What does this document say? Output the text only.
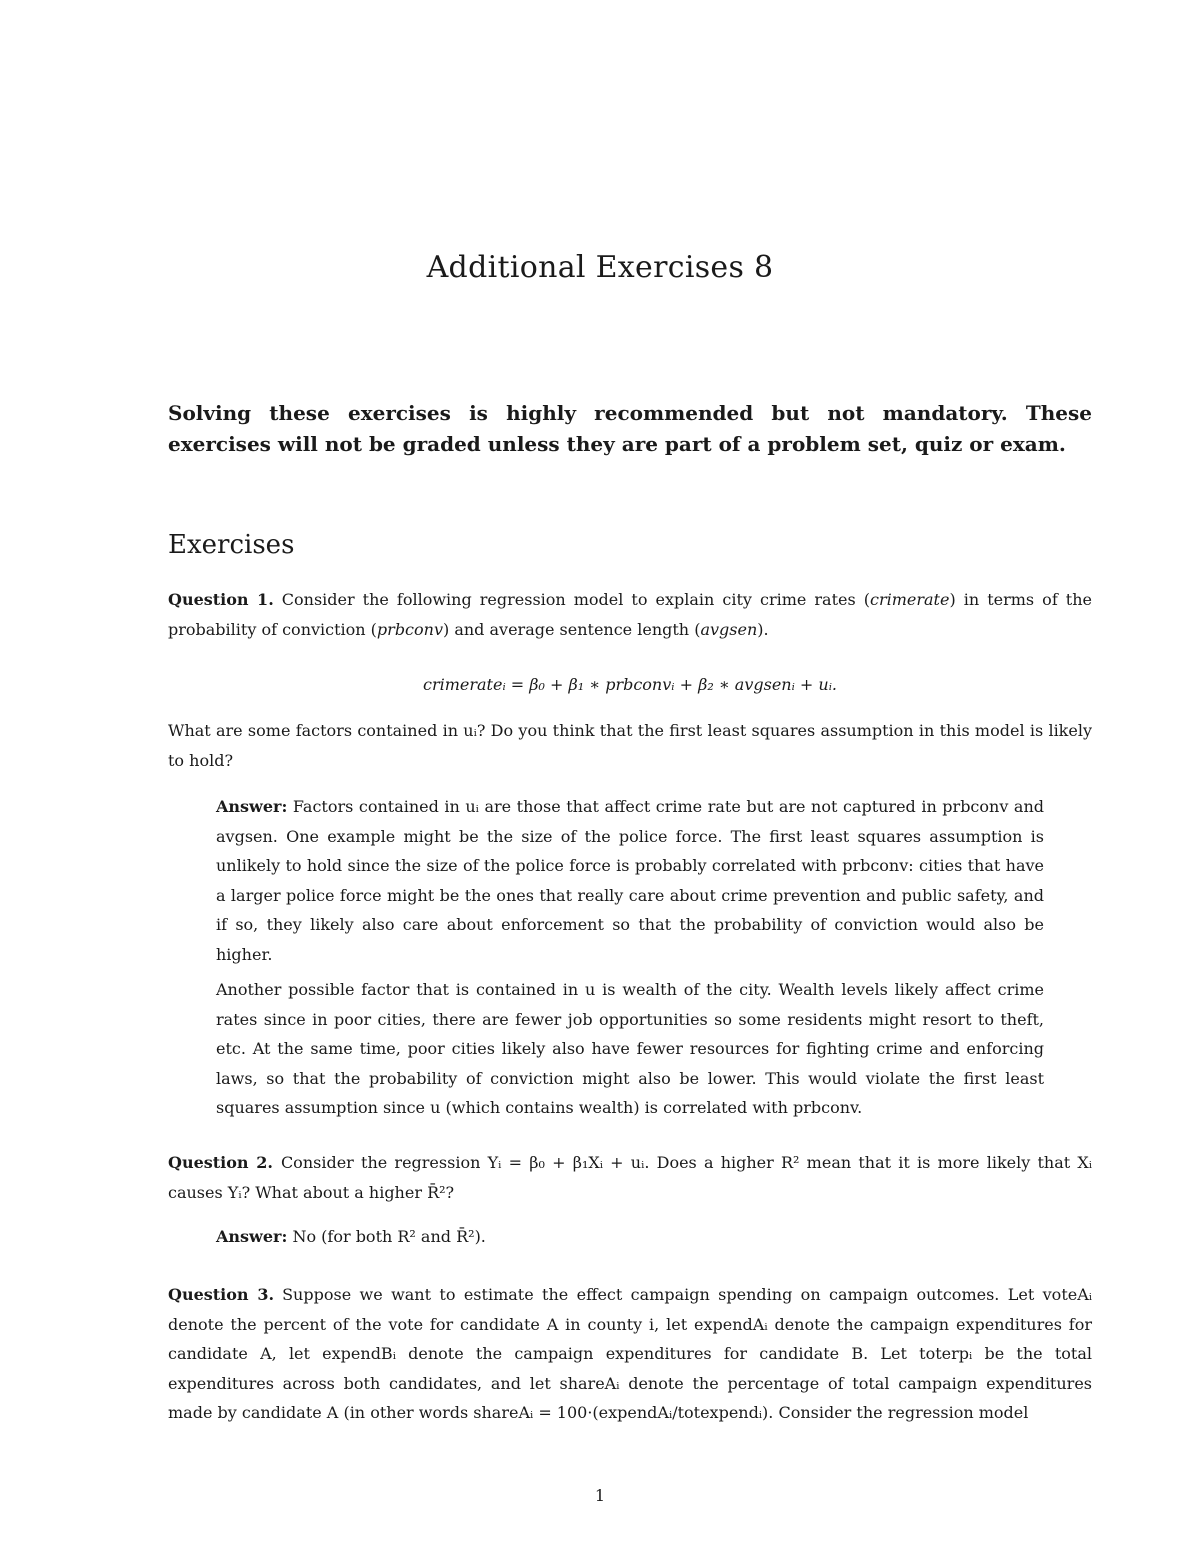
Additional Exercises 8
Solving these exercises is highly recommended but not mandatory. These exercises will not be graded unless they are part of a problem set, quiz or exam.
Exercises
Question 1. Consider the following regression model to explain city crime rates (crimerate) in terms of the probability of conviction (prbconv) and average sentence length (avgsen).
crimerateᵢ = β₀ + β₁ ∗ prbconvᵢ + β₂ ∗ avgsenᵢ + uᵢ.
What are some factors contained in uᵢ? Do you think that the first least squares assumption in this model is likely to hold?
Answer: Factors contained in uᵢ are those that affect crime rate but are not captured in prbconv and avgsen. One example might be the size of the police force. The first least squares assumption is unlikely to hold since the size of the police force is probably correlated with prbconv: cities that have a larger police force might be the ones that really care about crime prevention and public safety, and if so, they likely also care about enforcement so that the probability of conviction would also be higher.
Another possible factor that is contained in u is wealth of the city. Wealth levels likely affect crime rates since in poor cities, there are fewer job opportunities so some residents might resort to theft, etc. At the same time, poor cities likely also have fewer resources for fighting crime and enforcing laws, so that the probability of conviction might also be lower. This would violate the first least squares assumption since u (which contains wealth) is correlated with prbconv.
Question 2. Consider the regression Yᵢ = β₀ + β₁Xᵢ + uᵢ. Does a higher R² mean that it is more likely that Xᵢ causes Yᵢ? What about a higher R̄²?
Answer: No (for both R² and R̄²).
Question 3. Suppose we want to estimate the effect campaign spending on campaign outcomes. Let voteAᵢ denote the percent of the vote for candidate A in county i, let expendAᵢ denote the campaign expenditures for candidate A, let expendBᵢ denote the campaign expenditures for candidate B. Let toterpᵢ be the total expenditures across both candidates, and let shareAᵢ denote the percentage of total campaign expenditures made by candidate A (in other words shareAᵢ = 100·(expendAᵢ/totexpendᵢ). Consider the regression model
1
